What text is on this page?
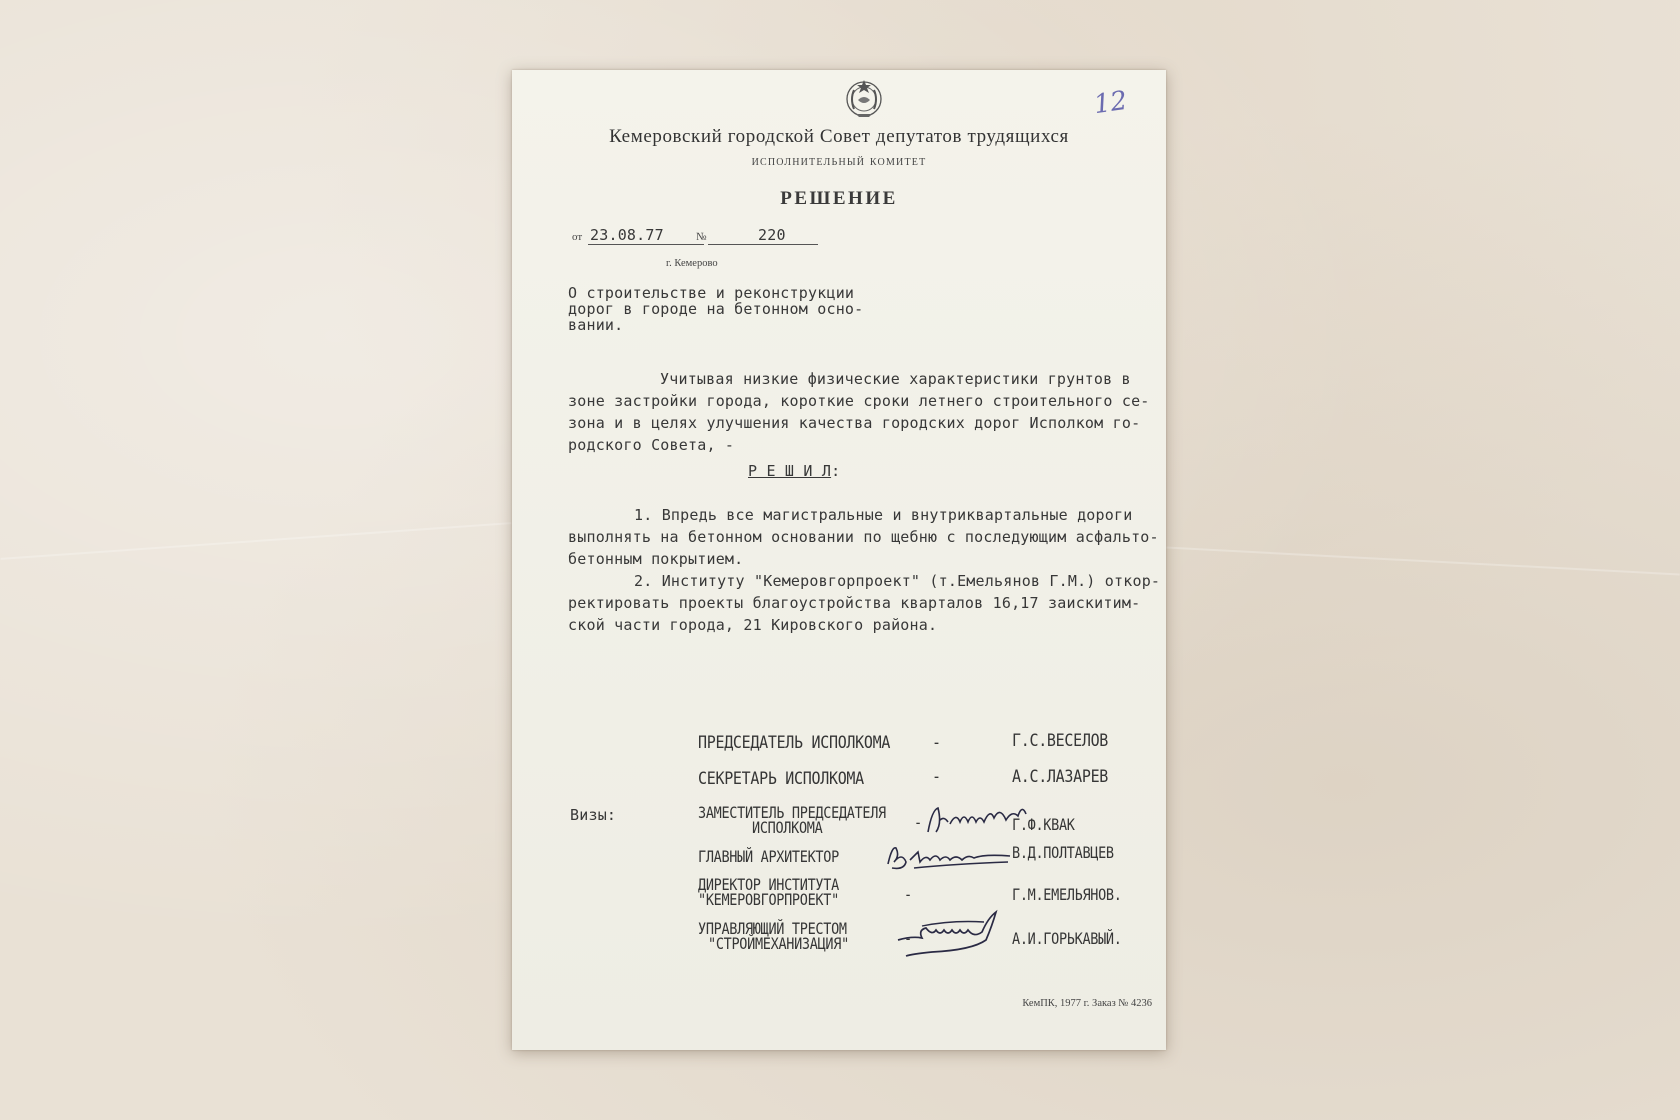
12
Кемеровский городской Совет депутатов трудящихся
исполнительный комитет
РЕШЕНИЕ
от 23.08.77	№	220
г. Кемерово
О строительстве и реконструкции
дорог в городе на бетонном осно-
вании.
Учитывая низкие физические характеристики грунтов в
зоне застройки города, короткие сроки летнего строительного се-
зона и в целях улучшения качества городских дорог Исполком го-
родского Совета, -
Р Е Ш И Л:
1. Впредь все магистральные и внутриквартальные дороги
выполнять на бетонном основании по щебню с последующим асфальто-
бетонным покрытием.
2. Институту "Кемеровгорпроект" (т.Емельянов Г.М.) откор-
ректировать проекты благоустройства кварталов 16,17 заискитим-
ской части города, 21 Кировского района.
ПРЕДСЕДАТЕЛЬ ИСПОЛКОМА	-	Г.С.ВЕСЕЛОВ
СЕКРЕТАРЬ ИСПОЛКОМА	-	А.С.ЛАЗАРЕВ
Визы:	ЗАМЕСТИТЕЛЬ ПРЕДСЕДАТЕЛЯ
ИСПОЛКОМА	-	Г.Ф.КВАК
ГЛАВНЫЙ АРХИТЕКТОР	В.Д.ПОЛТАВЦЕВ
ДИРЕКТОР ИНСТИТУТА
"КЕМЕРОВГОРПРОЕКТ"	-	Г.М.ЕМЕЛЬЯНОВ.
УПРАВЛЯЮЩИЙ ТРЕСТОМ
"СТРОЙМЕХАНИЗАЦИЯ"	-	А.И.ГОРЬКАВЫЙ.
КемПК, 1977 г. Заказ № 4236
